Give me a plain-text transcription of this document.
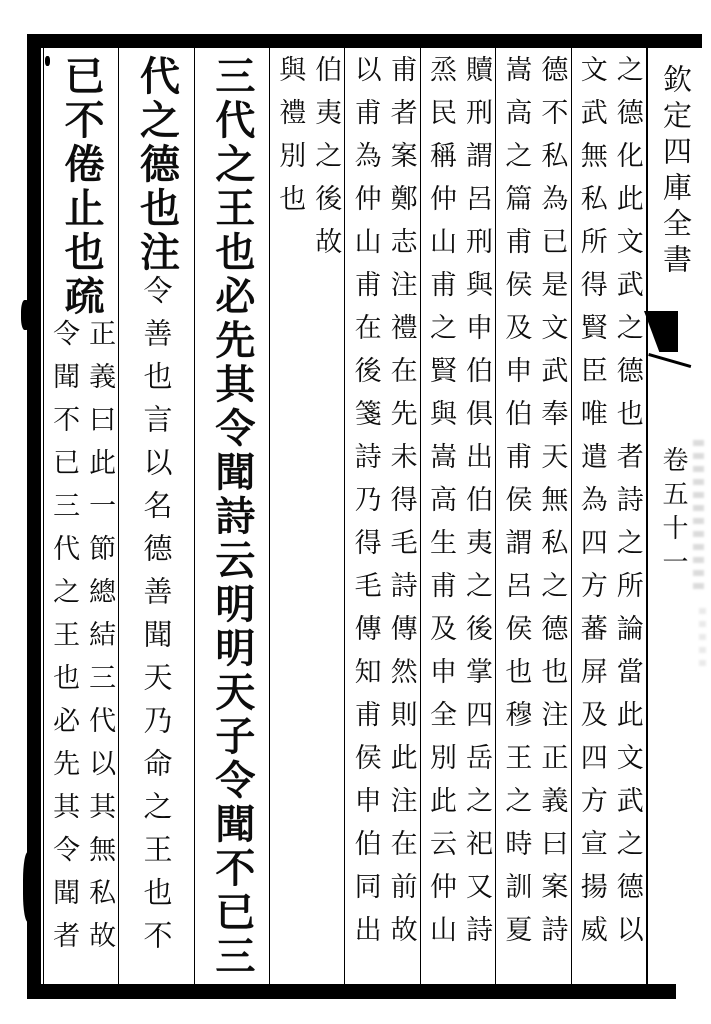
之德化此文武之德也者詩之所論當此文武之德以
文武無私所得賢臣唯遣為四方蕃屏及四方宣揚威
德不私為已是文武奉天無私之德也注正義曰案詩
嵩高之篇甫侯及申伯甫侯謂呂侯也穆王之時訓夏
贖刑謂呂刑與申伯俱出伯夷之後掌四岳之祀又詩
烝民稱仲山甫之賢與嵩高生甫及申全別此云仲山
甫者案鄭志注禮在先未得毛詩傳然則此注在前故
以甫為仲山甫在後箋詩乃得毛傳知甫侯申伯同出
伯夷之後故
與禮別也
三代之王也必先其令聞詩云明明天子令聞不已三
代之德也注令善也言以名德善聞天乃命之王也不
已不倦止也疏
正義曰此一節總結三代以其無私故
令聞不已三代之王也必先其令聞者
欽定四庫全書
卷五十一
